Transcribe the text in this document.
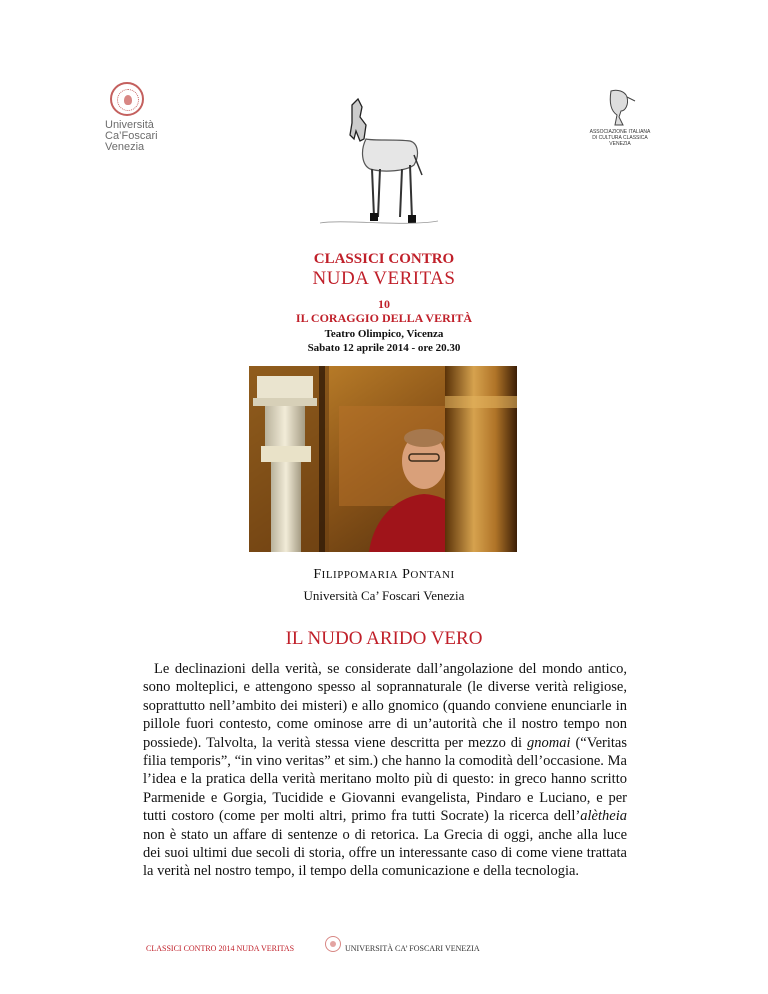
Università
Ca’Foscari
Venezia
ASSOCIAZIONE ITALIANA
DI CULTURA CLASSICA
VENEZIA
CLASSICI CONTRO
NUDA VERITAS
10
IL CORAGGIO DELLA VERITÀ
Teatro Olimpico, Vicenza
Sabato 12 aprile 2014 - ore 20.30
FILIPPOMARIA PONTANI
Università Ca’ Foscari Venezia
IL NUDO ARIDO VERO
Le declinazioni della verità, se considerate dall’angolazione del mondo antico, sono molteplici, e attengono spesso al soprannaturale (le diverse verità religiose, soprattutto nell’ambito dei misteri) e allo gnomico (quando conviene enunciarle in pillole fuori contesto, come ominose arre di un’autorità che il nostro tempo non possiede). Talvolta, la verità stessa viene descritta per mezzo di gnomai (“Veritas filia temporis”, “in vino veritas” et sim.) che hanno la comodità dell’occasione. Ma l’idea e la pratica della verità meritano molto più di questo: in greco hanno scritto Parmenide e Gorgia, Tucidide e Giovanni evangelista, Pindaro e Luciano, e per tutti costoro (come per molti altri, primo fra tutti Socrate) la ricerca dell’alètheia non è stato un affare di sentenze o di retorica. La Grecia di oggi, anche alla luce dei suoi ultimi due secoli di storia, offre un interessante caso di come viene trattata la verità nel nostro tempo, il tempo della comunicazione e della tecnologia.
CLASSICI CONTRO 2014 NUDA VERITAS	UNIVERSITÀ CA’ FOSCARI VENEZIA
